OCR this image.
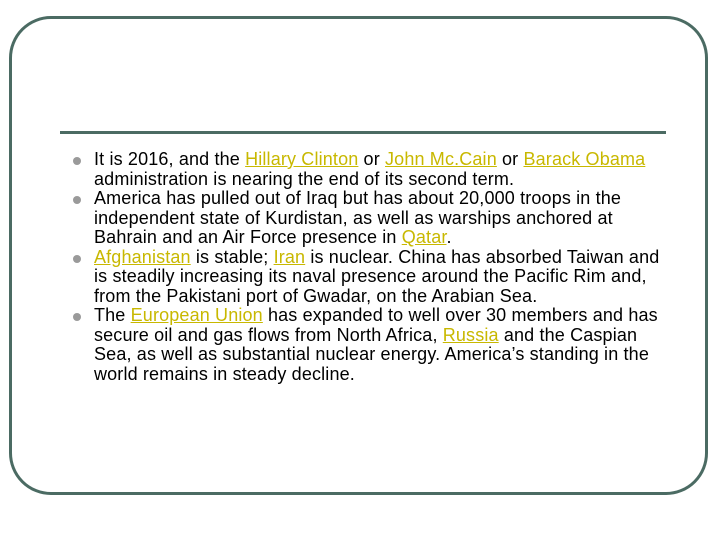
It is 2016, and the Hillary Clinton or John Mc.Cain or Barack Obama administration is nearing the end of its second term.
America has pulled out of Iraq but has about 20,000 troops in the independent state of Kurdistan, as well as warships anchored at Bahrain and an Air Force presence in Qatar.
Afghanistan is stable; Iran is nuclear. China has absorbed Taiwan and is steadily increasing its naval presence around the Pacific Rim and, from the Pakistani port of Gwadar, on the Arabian Sea.
The European Union has expanded to well over 30 members and has secure oil and gas flows from North Africa, Russia and the Caspian Sea, as well as substantial nuclear energy. America’s standing in the world remains in steady decline.
